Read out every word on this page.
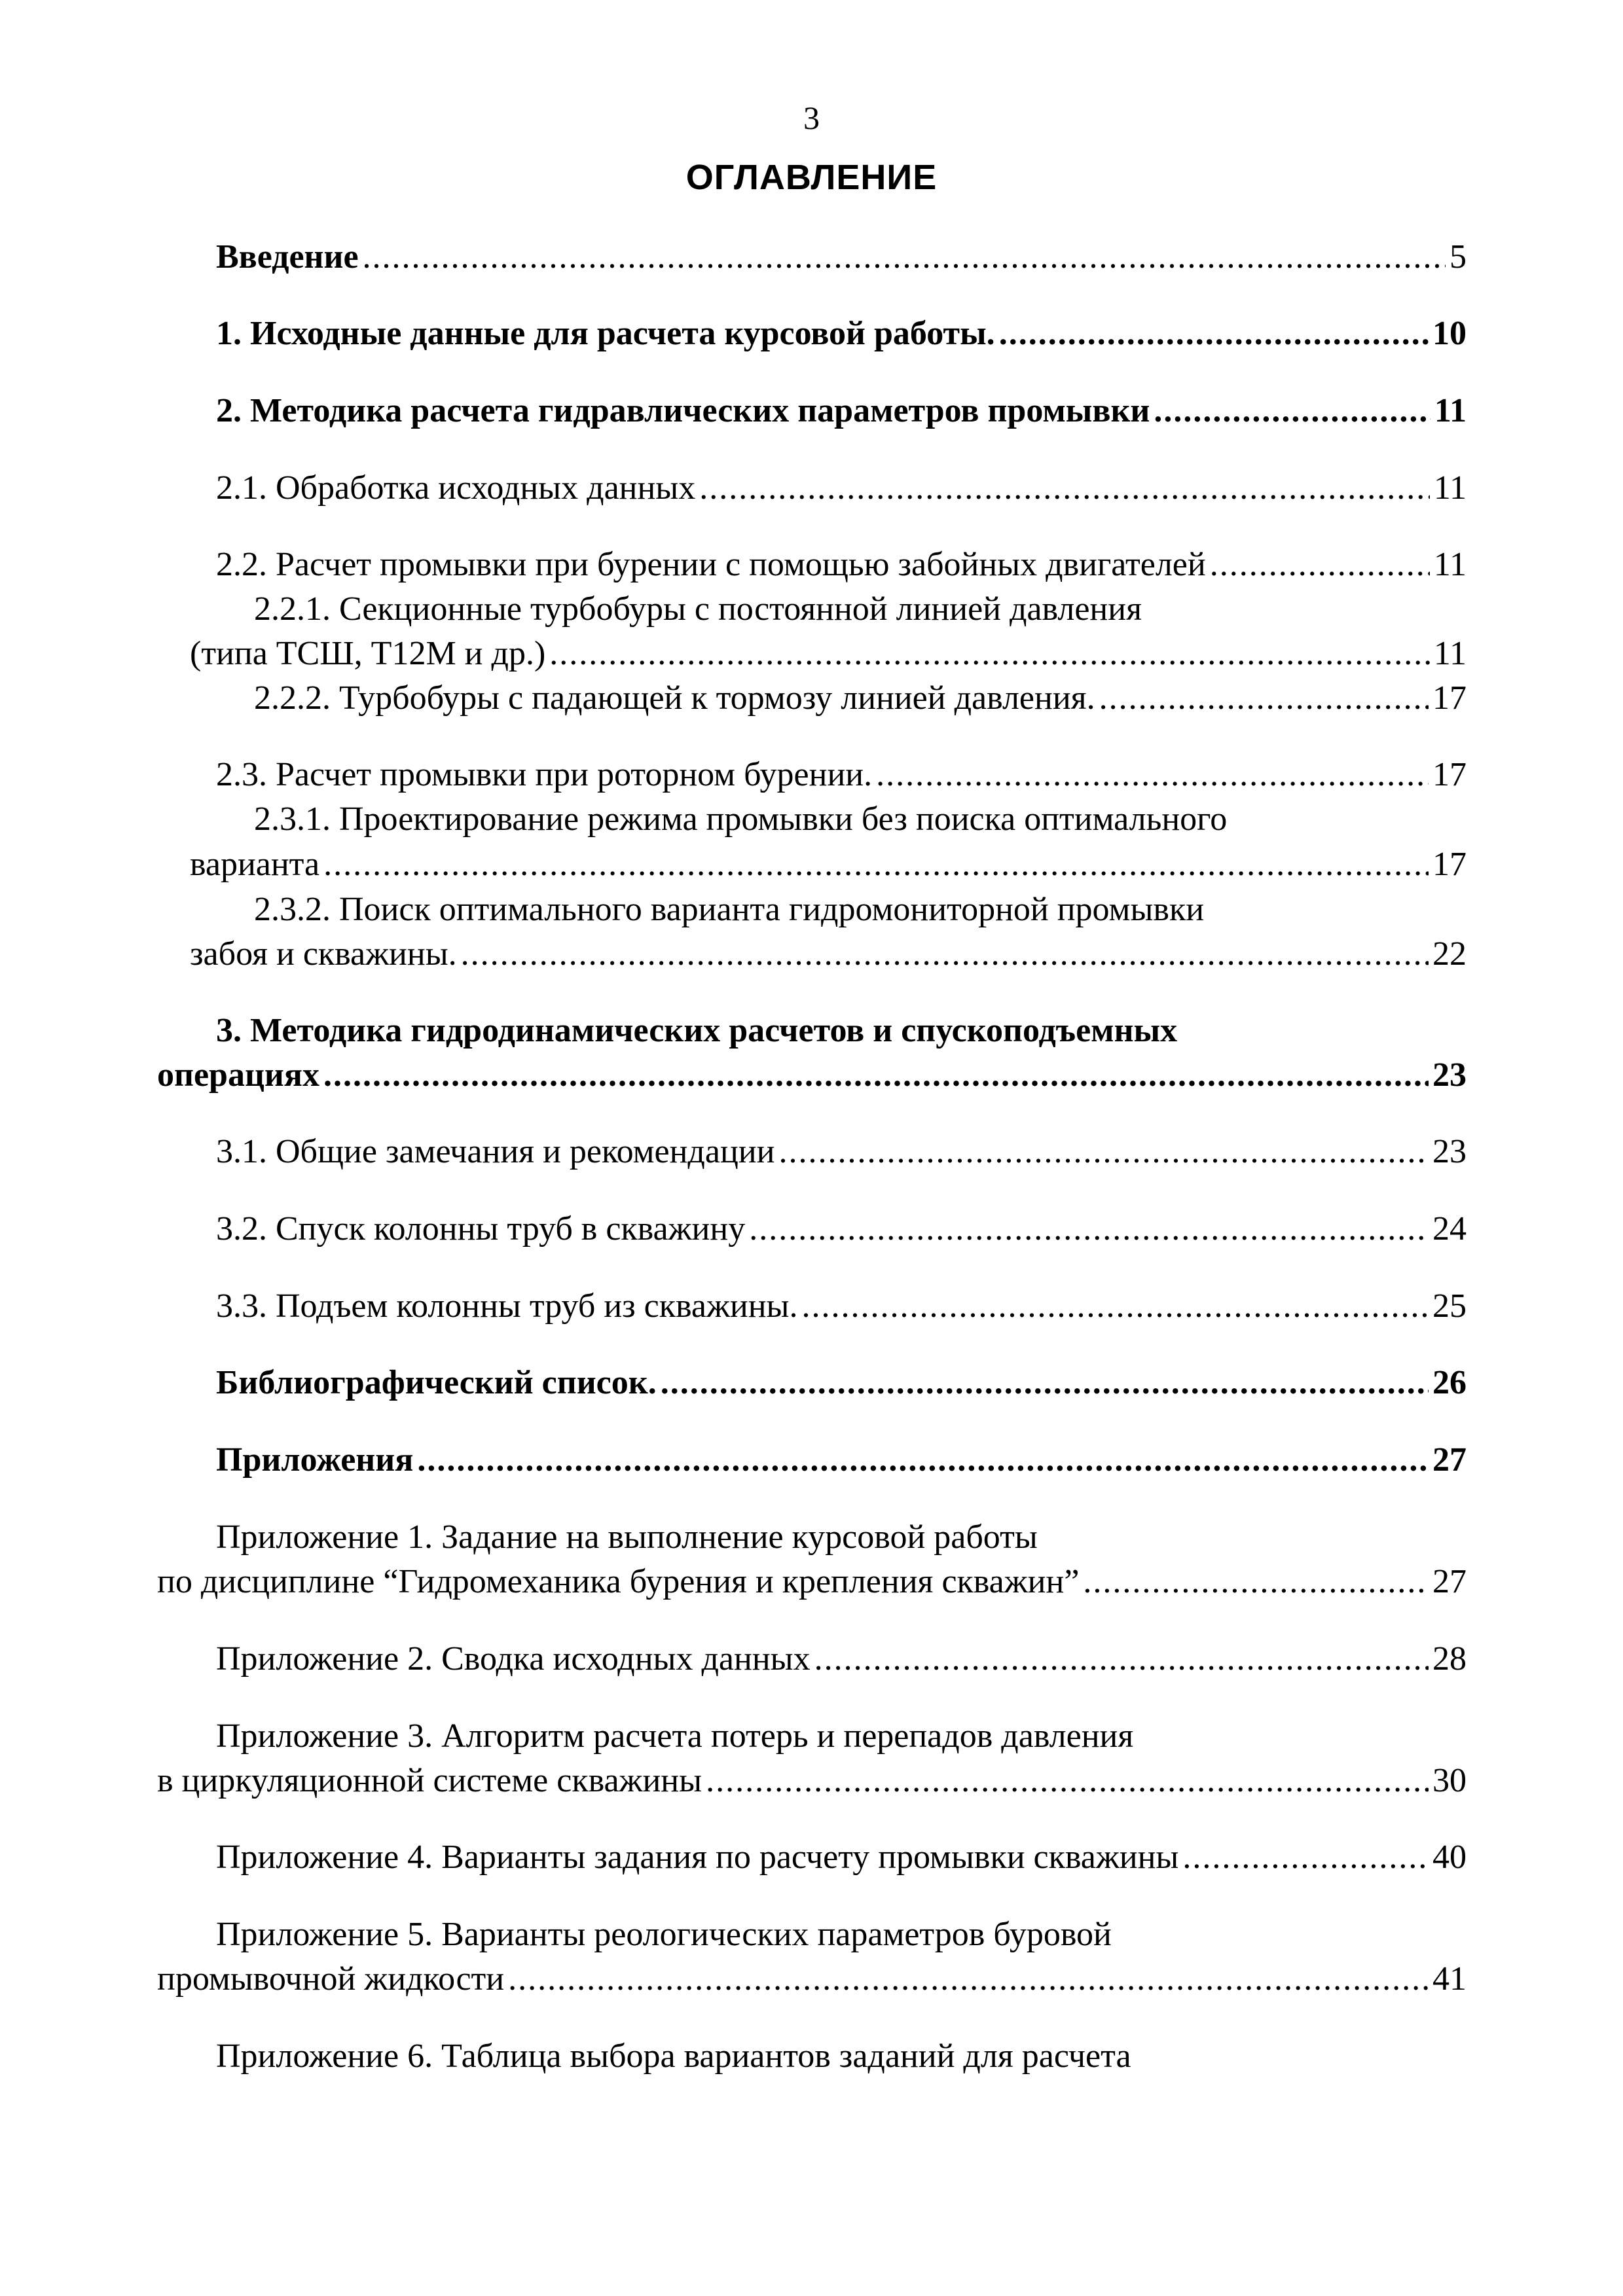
3
ОГЛАВЛЕНИЕ
Введение .....	5
1. Исходные данные для расчета курсовой работы. .....	10
2. Методика расчета гидравлических параметров промывки .....	11
2.1. Обработка исходных данных .....	11
2.2. Расчет промывки при бурении с помощью забойных двигателей .....	11
2.2.1. Секционные турбобуры с постоянной линией давления
(типа ТСШ, Т12М и др.) .....	11
2.2.2. Турбобуры с падающей к тормозу линией давления. .....	17
2.3. Расчет промывки при роторном бурении. .....	17
2.3.1. Проектирование режима промывки без поиска оптимального
варианта .....	17
2.3.2. Поиск оптимального варианта гидромониторной промывки
забоя и скважины. .....	22
3. Методика гидродинамических расчетов и спускоподъемных
операциях .....	23
3.1. Общие замечания и рекомендации .....	23
3.2. Спуск колонны труб в скважину .....	24
3.3. Подъем колонны труб из скважины. .....	25
Библиографический список. .....	26
Приложения .....	27
Приложение 1. Задание на выполнение курсовой работы
по дисциплине “Гидромеханика бурения и крепления скважин” .....	27
Приложение 2. Сводка исходных данных .....	28
Приложение 3. Алгоритм расчета потерь и перепадов давления
в циркуляционной системе скважины .....	30
Приложение 4. Варианты задания по расчету промывки скважины .....	40
Приложение 5. Варианты реологических параметров буровой
промывочной жидкости .....	41
Приложение 6. Таблица выбора вариантов заданий для расчета
